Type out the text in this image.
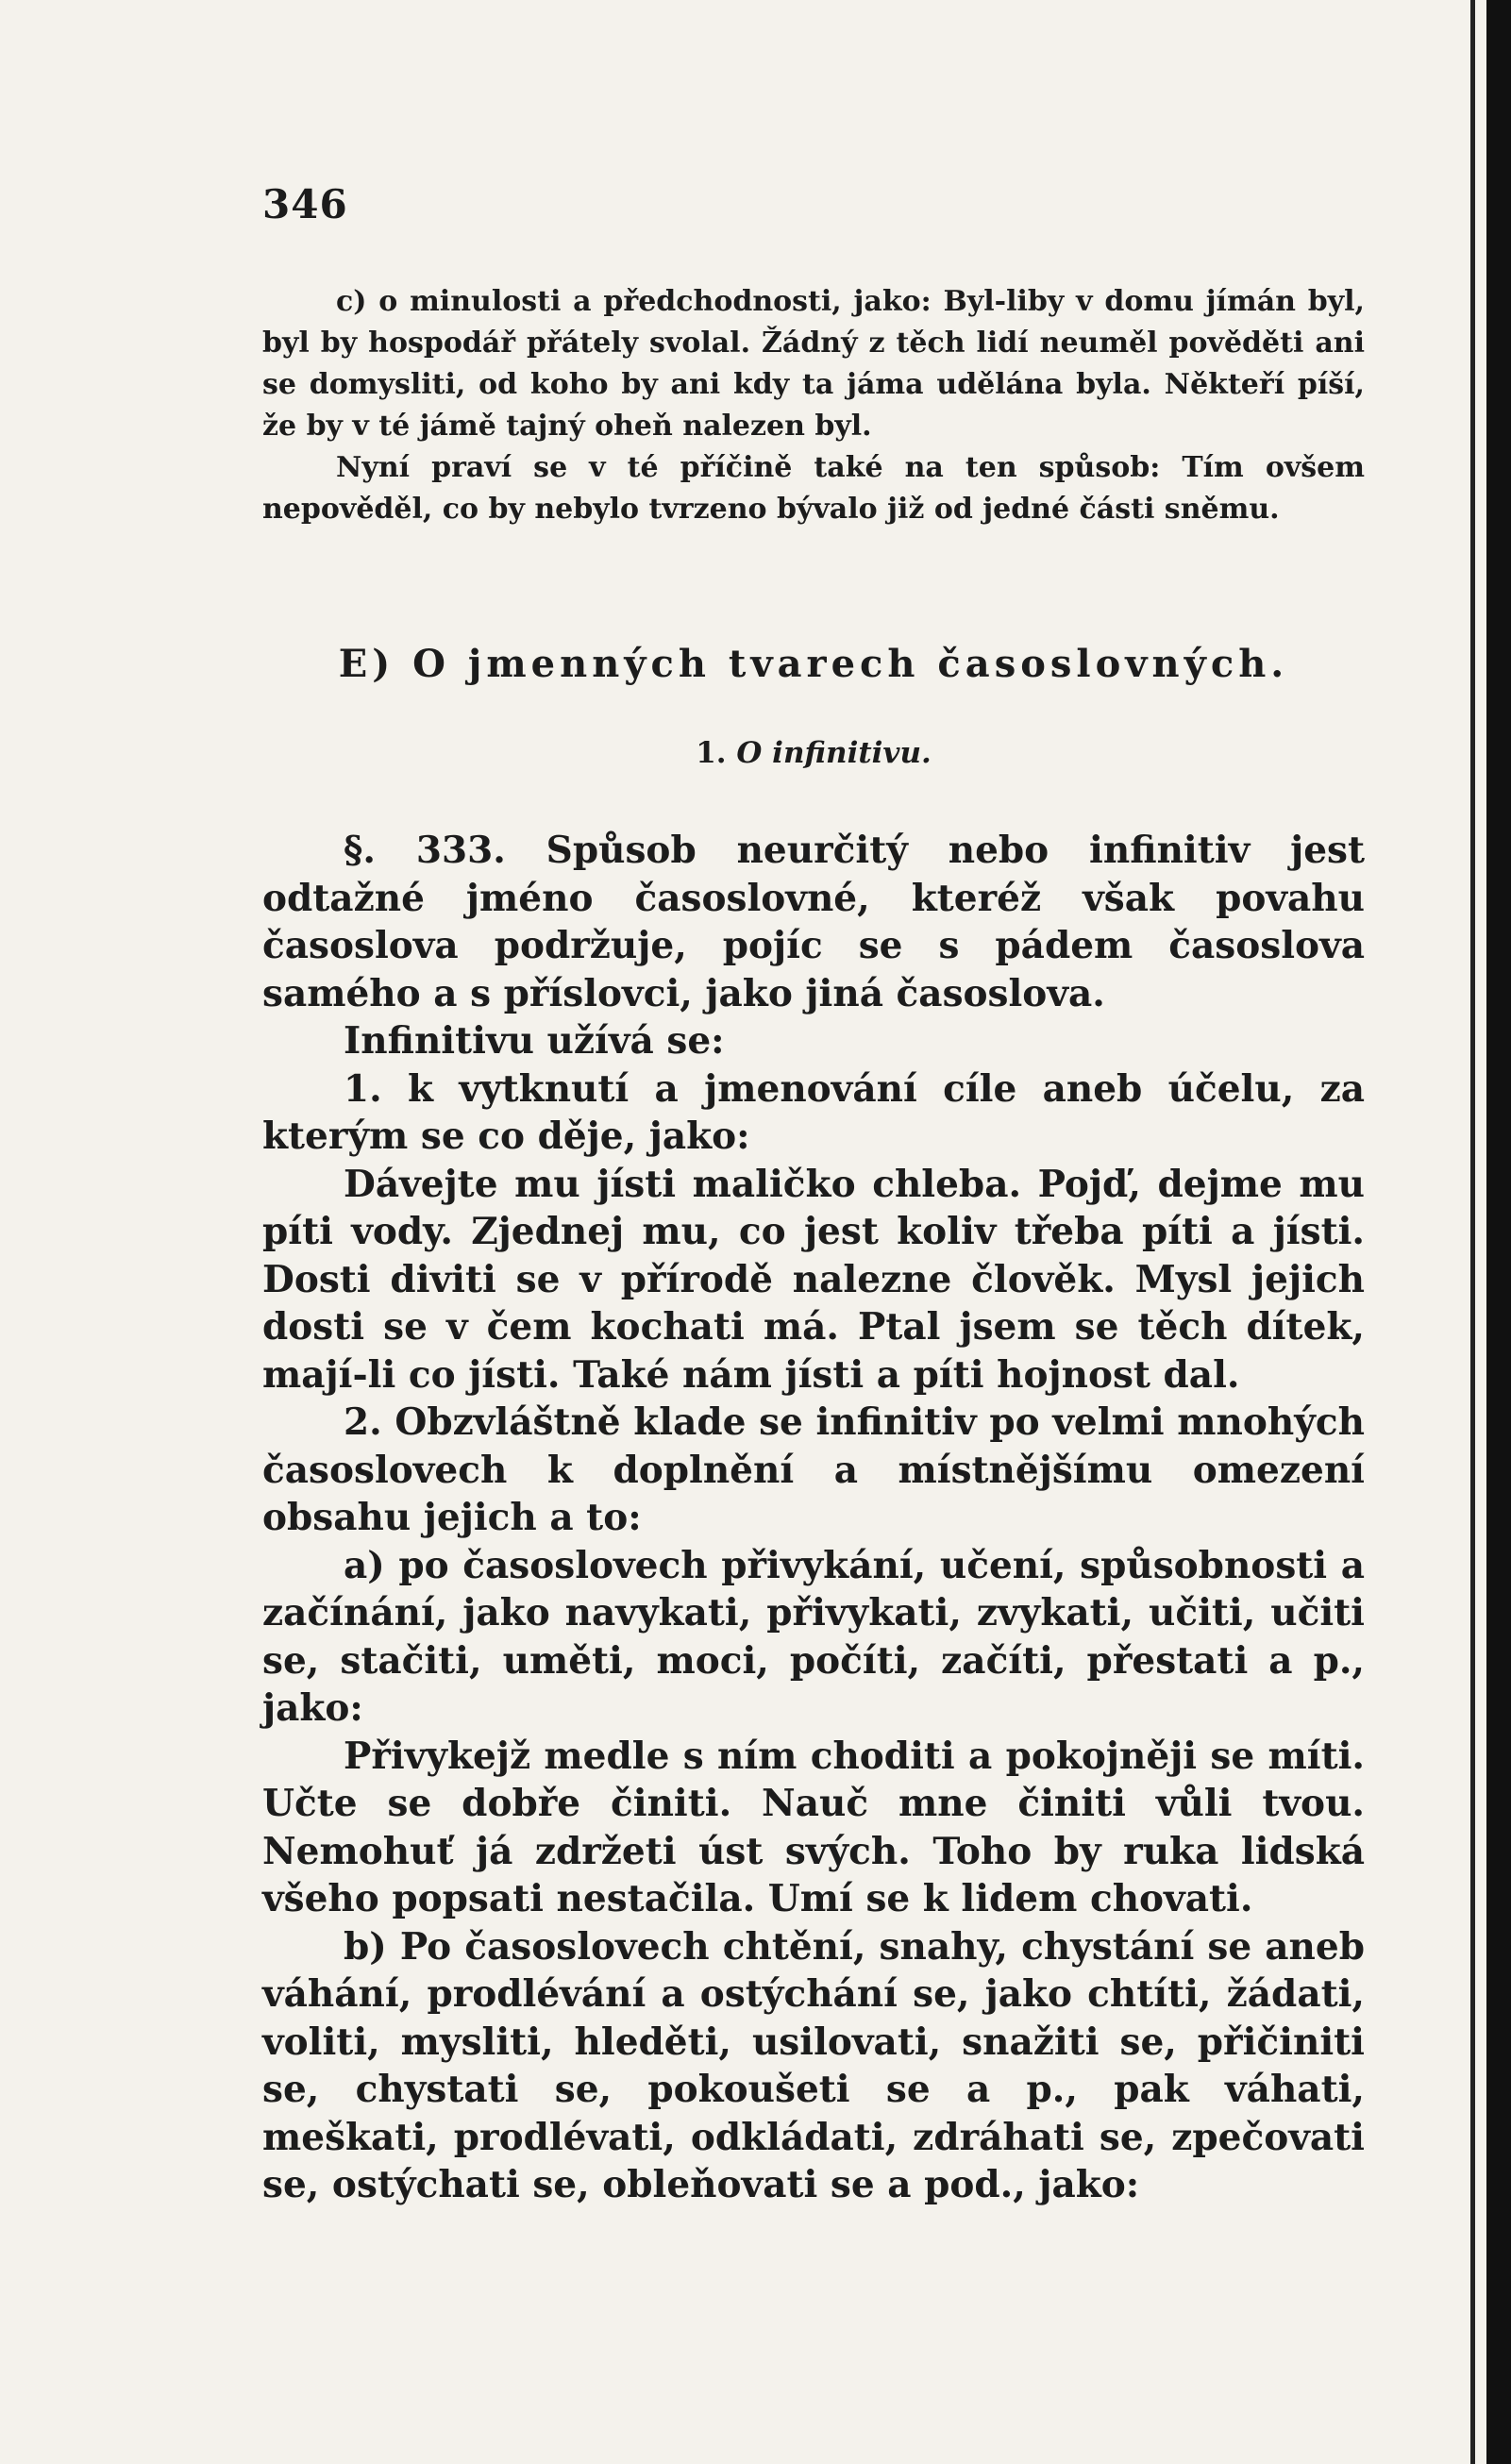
346

c) o minulosti a předchodnosti, jako: Byl-liby v domu jímán byl, byl by hospodář přátely svolal. Žádný z těch lidí neuměl pověděti ani se domysliti, od koho by ani kdy ta jáma udělána byla. Někteří píší, že by v té jámě tajný oheň nalezen byl.

Nyní praví se v té příčině také na ten spůsob: Tím ovšem nepověděl, co by nebylo tvrzeno bývalo již od jedné části sněmu.

E) O jmenných tvarech časoslovných.
1. O infinitivu.

§. 333. Spůsob neurčitý nebo infinitiv jest odtažné jméno časoslovné, kteréž však povahu časoslova podržuje, pojíc se s pádem časoslova samého a s příslovci, jako jiná časoslova.

Infinitivu užívá se:

1. k vytknutí a jmenování cíle aneb účelu, za kterým se co děje, jako:

Dávejte mu jísti maličko chleba. Pojď, dejme mu píti vody. Zjednej mu, co jest koliv třeba píti a jísti. Dosti diviti se v přírodě nalezne člověk. Mysl jejich dosti se v čem kochati má. Ptal jsem se těch dítek, mají-li co jísti. Také nám jísti a píti hojnost dal.

2. Obzvláštně klade se infinitiv po velmi mnohých časoslovech k doplnění a místnějšímu omezení obsahu jejich a to:

a) po časoslovech přivykání, učení, spůsobnosti a začínání, jako navykati, přivykati, zvykati, učiti, učiti se, stačiti, uměti, moci, počíti, začíti, přestati a p., jako:

Přivykejž medle s ním choditi a pokojněji se míti. Učte se dobře činiti. Nauč mne činiti vůli tvou. Nemohuť já zdržeti úst svých. Toho by ruka lidská všeho popsati nestačila. Umí se k lidem chovati.

b) Po časoslovech chtění, snahy, chystání se aneb váhání, prodlévání a ostýchání se, jako chtíti, žádati, voliti, mysliti, hleděti, usilovati, snažiti se, přičiniti se, chystati se, pokoušeti se a p., pak váhati, meškati, prodlévati, odkládati, zdráhati se, zpečovati se, ostýchati se, obleňovati se a pod., jako:
